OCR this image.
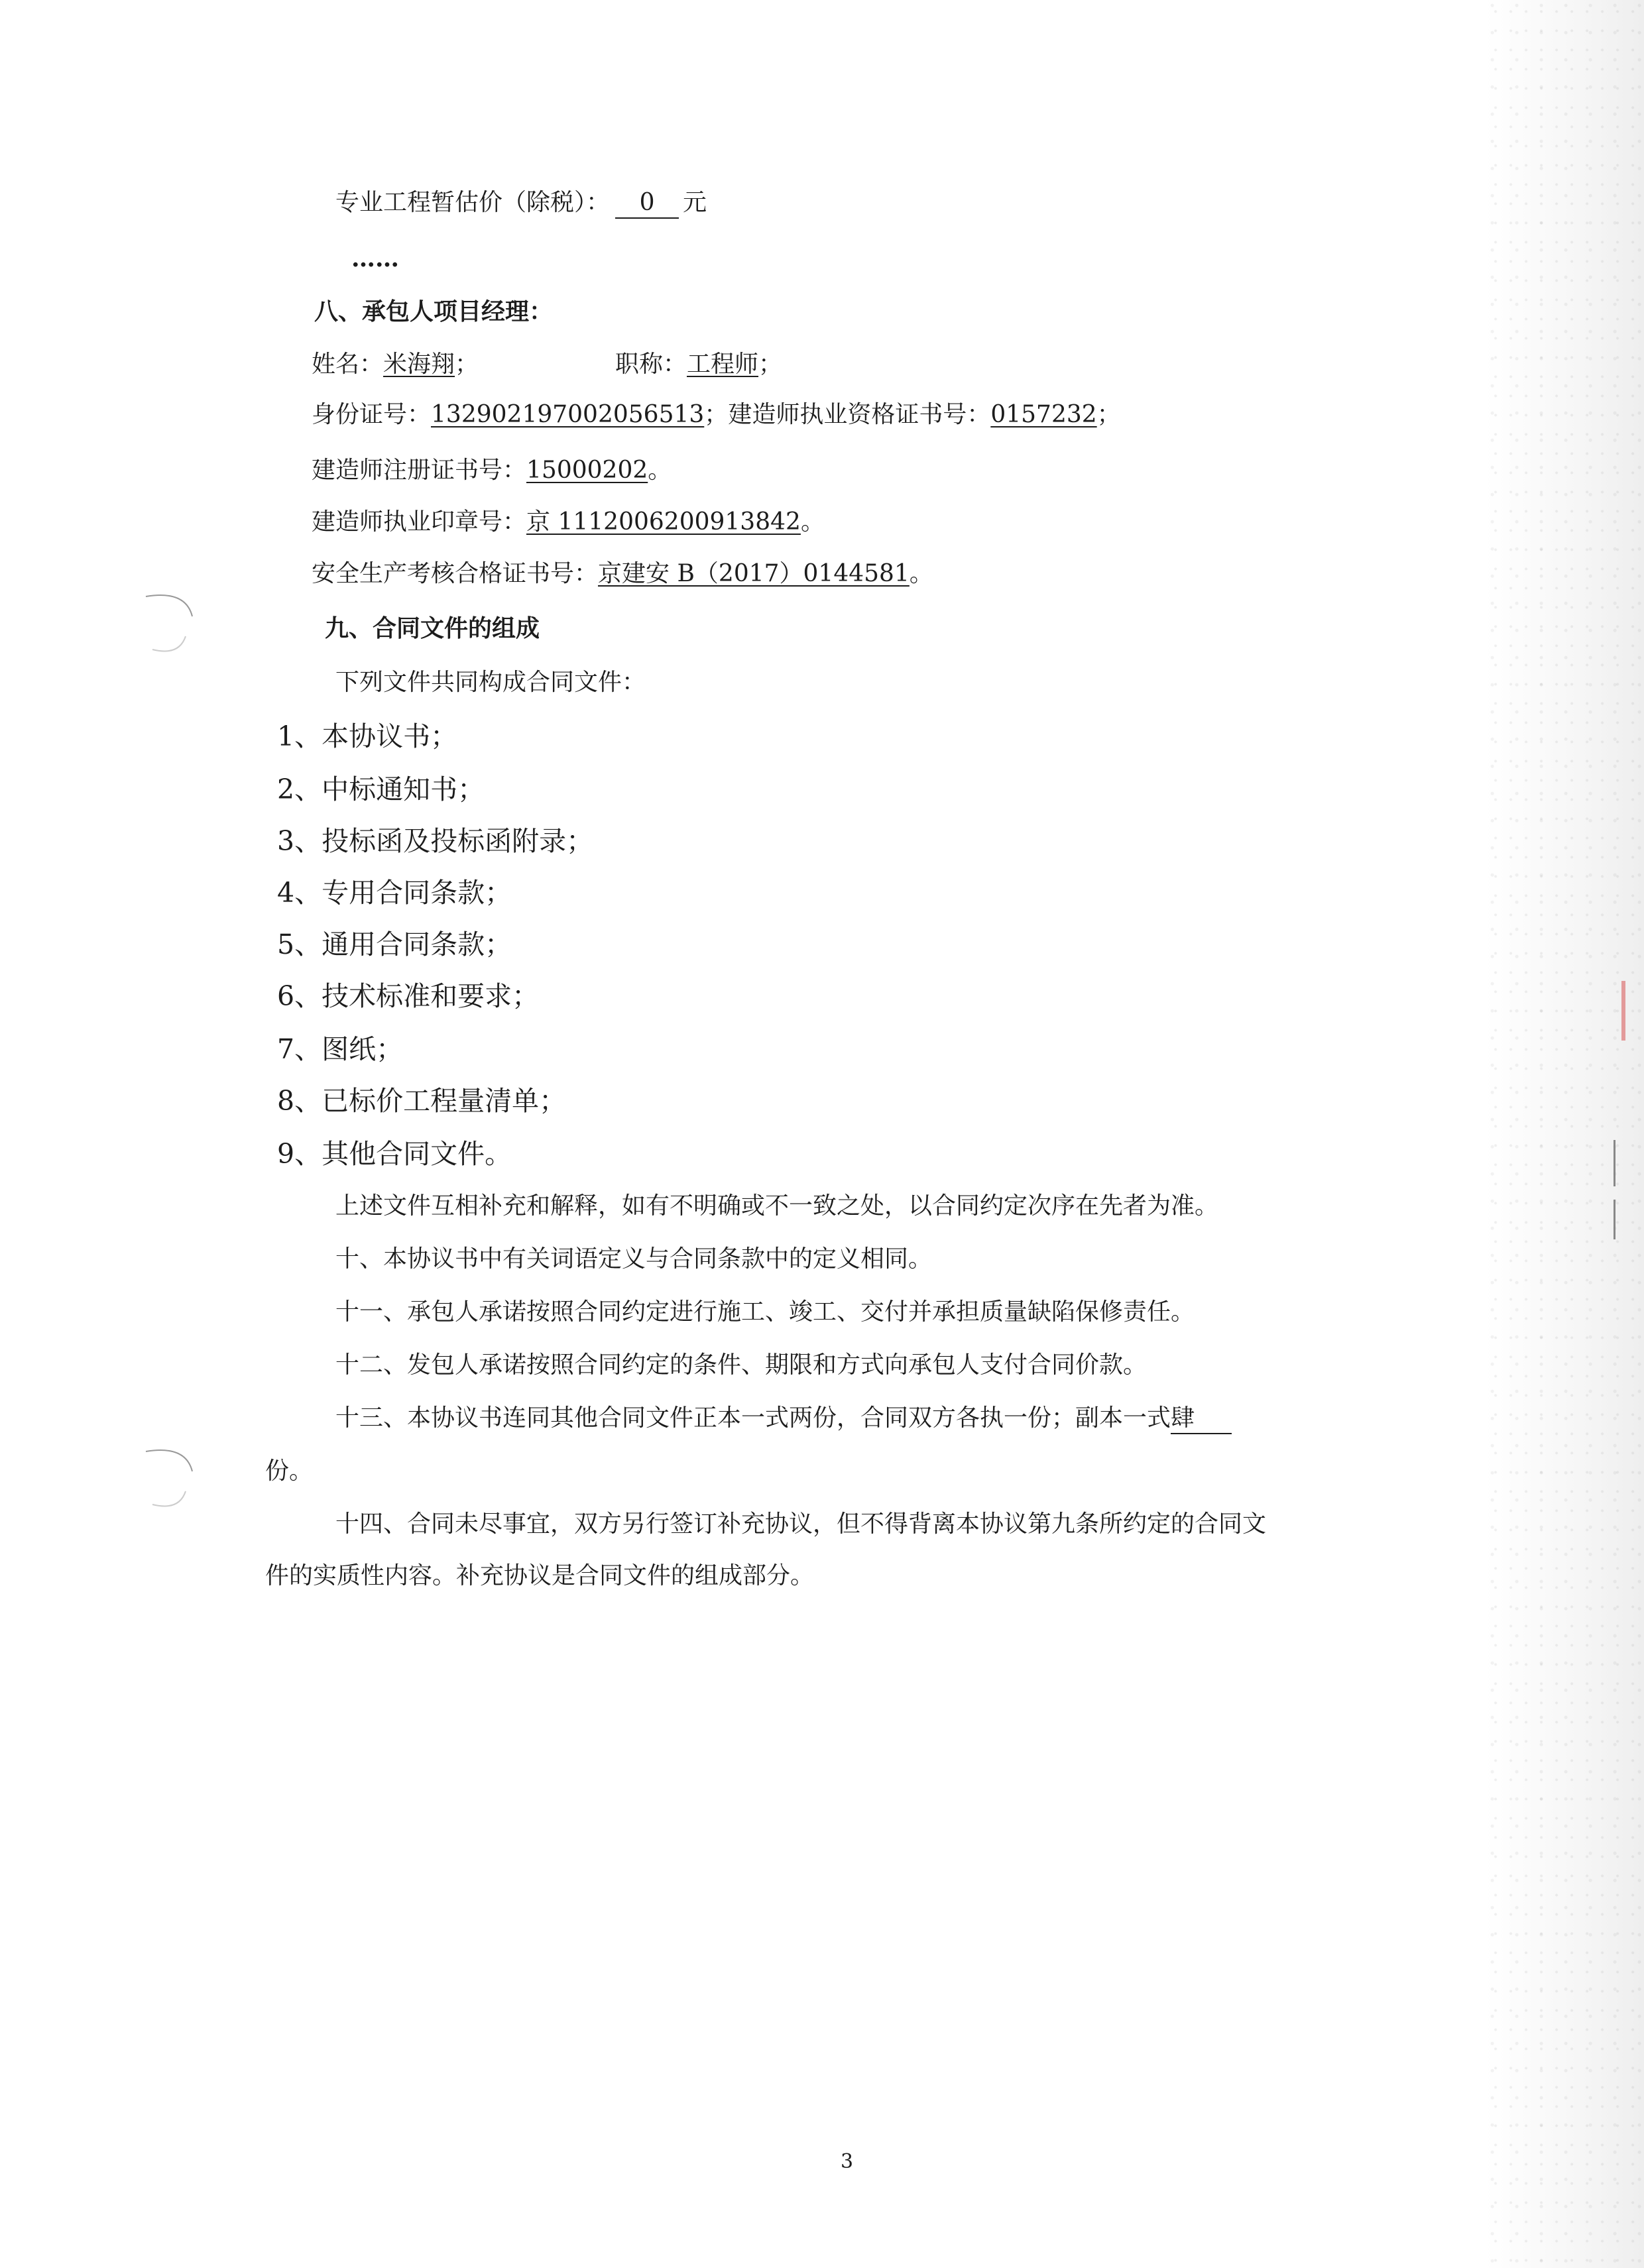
专业工程暂估价（除税）： 0 元
……
八、承包人项目经理：
姓名：米海翔；	职称：工程师；
身份证号：132902197002056513；建造师执业资格证书号：0157232；
建造师注册证书号：15000202。
建造师执业印章号：京 1112006200913842。
安全生产考核合格证书号：京建安 B（2017）0144581。
九、合同文件的组成
下列文件共同构成合同文件：
1、本协议书；
2、中标通知书；
3、投标函及投标函附录；
4、专用合同条款；
5、通用合同条款；
6、技术标准和要求；
7、图纸；
8、已标价工程量清单；
9、其他合同文件。
上述文件互相补充和解释，如有不明确或不一致之处，以合同约定次序在先者为准。
十、本协议书中有关词语定义与合同条款中的定义相同。
十一、承包人承诺按照合同约定进行施工、竣工、交付并承担质量缺陷保修责任。
十二、发包人承诺按照合同约定的条件、期限和方式向承包人支付合同价款。
十三、本协议书连同其他合同文件正本一式两份，合同双方各执一份；副本一式肆
份。
十四、合同未尽事宜，双方另行签订补充协议，但不得背离本协议第九条所约定的合同文
件的实质性内容。补充协议是合同文件的组成部分。
3
